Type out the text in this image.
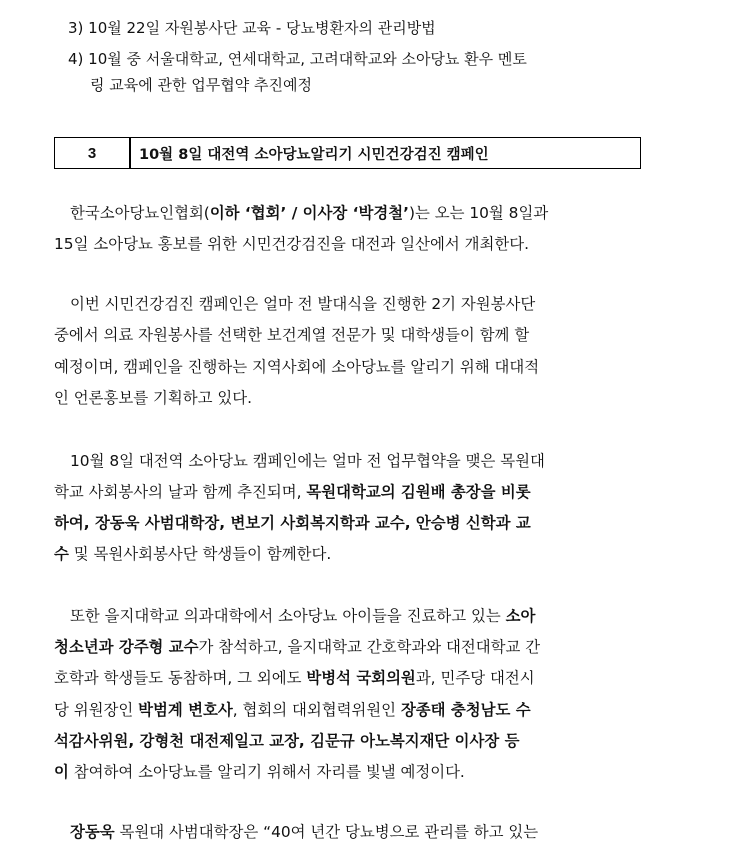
3) 10월 22일 자원봉사단 교육 - 당뇨병환자의 관리방법
4) 10월 중 서울대학교, 연세대학교, 고려대학교와 소아당뇨 환우 멘토
링 교육에 관한 업무협약 추진예정
3	10월 8일 대전역 소아당뇨알리기 시민건강검진 캠페인
한국소아당뇨인협회(이하 ‘협회’ / 이사장 ‘박경철’)는 오는 10월 8일과
15일 소아당뇨 홍보를 위한 시민건강검진을 대전과 일산에서 개최한다.
이번 시민건강검진 캠페인은 얼마 전 발대식을 진행한 2기 자원봉사단
중에서 의료 자원봉사를 선택한 보건계열 전문가 및 대학생들이 함께 할
예정이며, 캠페인을 진행하는 지역사회에 소아당뇨를 알리기 위해 대대적
인 언론홍보를 기획하고 있다.
10월 8일 대전역 소아당뇨 캠페인에는 얼마 전 업무협약을 맺은 목원대
학교 사회봉사의 날과 함께 추진되며, 목원대학교의 김원배 총장을 비롯
하여, 장동욱 사범대학장, 변보기 사회복지학과 교수, 안승병 신학과 교
수 및 목원사회봉사단 학생들이 함께한다.
또한 을지대학교 의과대학에서 소아당뇨 아이들을 진료하고 있는 소아
청소년과 강주형 교수가 참석하고, 을지대학교 간호학과와 대전대학교 간
호학과 학생들도 동참하며, 그 외에도 박병석 국회의원과, 민주당 대전시
당 위원장인 박범계 변호사, 협회의 대외협력위원인 장종태 충청남도 수
석감사위원, 강형천 대전제일고 교장, 김문규 아노복지재단 이사장 등
이 참여하여 소아당뇨를 알리기 위해서 자리를 빛낼 예정이다.
장동욱 목원대 사범대학장은 “40여 년간 당뇨병으로 관리를 하고 있는
